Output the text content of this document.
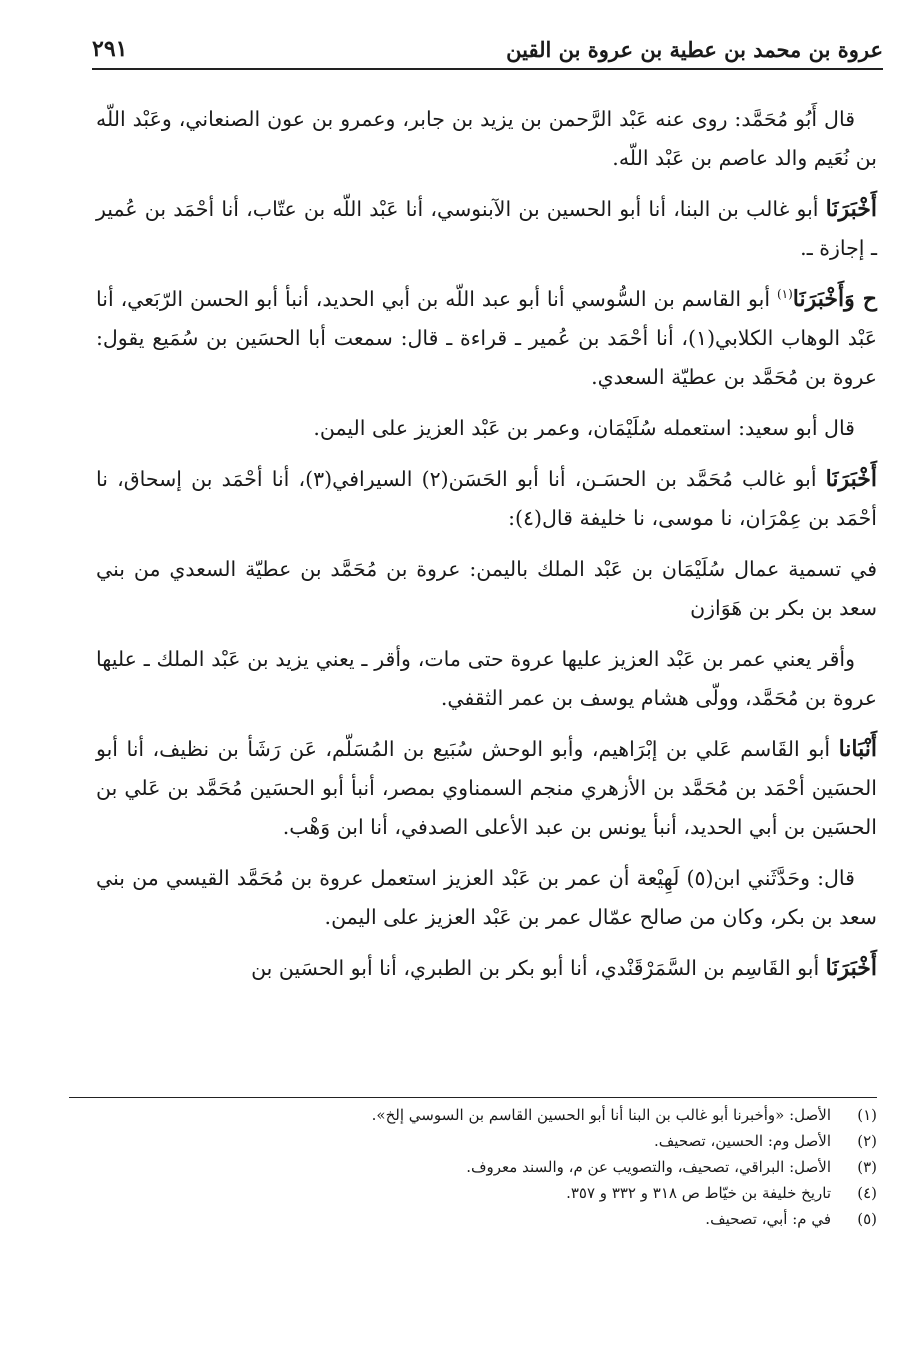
٢٩١	عروة بن محمد بن عطية بن عروة بن القين

قال أَبُو مُحَمَّد: روى عنه عَبْد الرَّحمن بن يزيد بن جابر، وعمرو بن عون الصنعاني، وعَبْد اللّه بن نُعَيم والد عاصم بن عَبْد اللّه.

أَخْبَرَنَا أبو غالب بن البنا، أنا أبو الحسين بن الآبنوسي، أنا عَبْد اللّه بن عتّاب، أنا أحْمَد بن عُمير ـ إجازة ـ.

ح وَأَخْبَرَنَا$^{(١)}$ أبو القاسم بن السُّوسي أنا أبو عبد اللّه بن أبي الحديد، أنبأ أبو الحسن الرّبَعي، أنا عَبْد الوهاب الكلابي(١)، أنا أحْمَد بن عُمير ـ قراءة ـ قال: سمعت أبا الحسَين بن سُمَيع يقول: عروة بن مُحَمَّد بن عطيّة السعدي.

قال أبو سعيد: استعمله سُلَيْمَان، وعمر بن عَبْد العزيز على اليمن.

أَخْبَرَنَا أبو غالب مُحَمَّد بن الحسَـن، أنا أبو الحَسَن(٢) السيرافي(٣)، أنا أحْمَد بن إسحاق، نا أحْمَد بن عِمْرَان، نا موسى، نا خليفة قال(٤):

في تسمية عمال سُلَيْمَان بن عَبْد الملك باليمن: عروة بن مُحَمَّد بن عطيّة السعدي من بني سعد بن بكر بن هَوَازن

وأقر يعني عمر بن عَبْد العزيز عليها عروة حتى مات، وأقر ـ يعني يزيد بن عَبْد الملك ـ عليها عروة بن مُحَمَّد، وولّى هشام يوسف بن عمر الثقفي.

أَنْبَانا أبو القَاسم عَلي بن إبْرَاهيم، وأبو الوحش سُبَيع بن المُسَلّم، عَن رَشَأ بن نظيف، أنا أبو الحسَين أحْمَد بن مُحَمَّد بن الأزهري منجم السمناوي بمصر، أنبأ أبو الحسَين مُحَمَّد بن عَلي بن الحسَين بن أبي الحديد، أنبأ يونس بن عبد الأعلى الصدفي، أنا ابن وَهْب.

قال: وحَدَّثَني ابن(٥) لَهِيْعة أن عمر بن عَبْد العزيز استعمل عروة بن مُحَمَّد القيسي من بني سعد بن بكر، وكان من صالح عمّال عمر بن عَبْد العزيز على اليمن.

أَخْبَرَنَا أبو القَاسِم بن السَّمَرْقَنْدي، أنا أبو بكر بن الطبري، أنا أبو الحسَين بن

(١)
الأصل: «وأخبرنا أبو غالب بن البنا أنا أبو الحسين القاسم بن السوسي إلخ».
(٢)
الأصل وم: الحسين، تصحيف.
(٣)
الأصل: البراقي، تصحيف، والتصويب عن م، والسند معروف.
(٤)
تاريخ خليفة بن خيّاط ص ٣١٨ و ٣٣٢ و ٣٥٧.
(٥)
في م: أبي، تصحيف.
